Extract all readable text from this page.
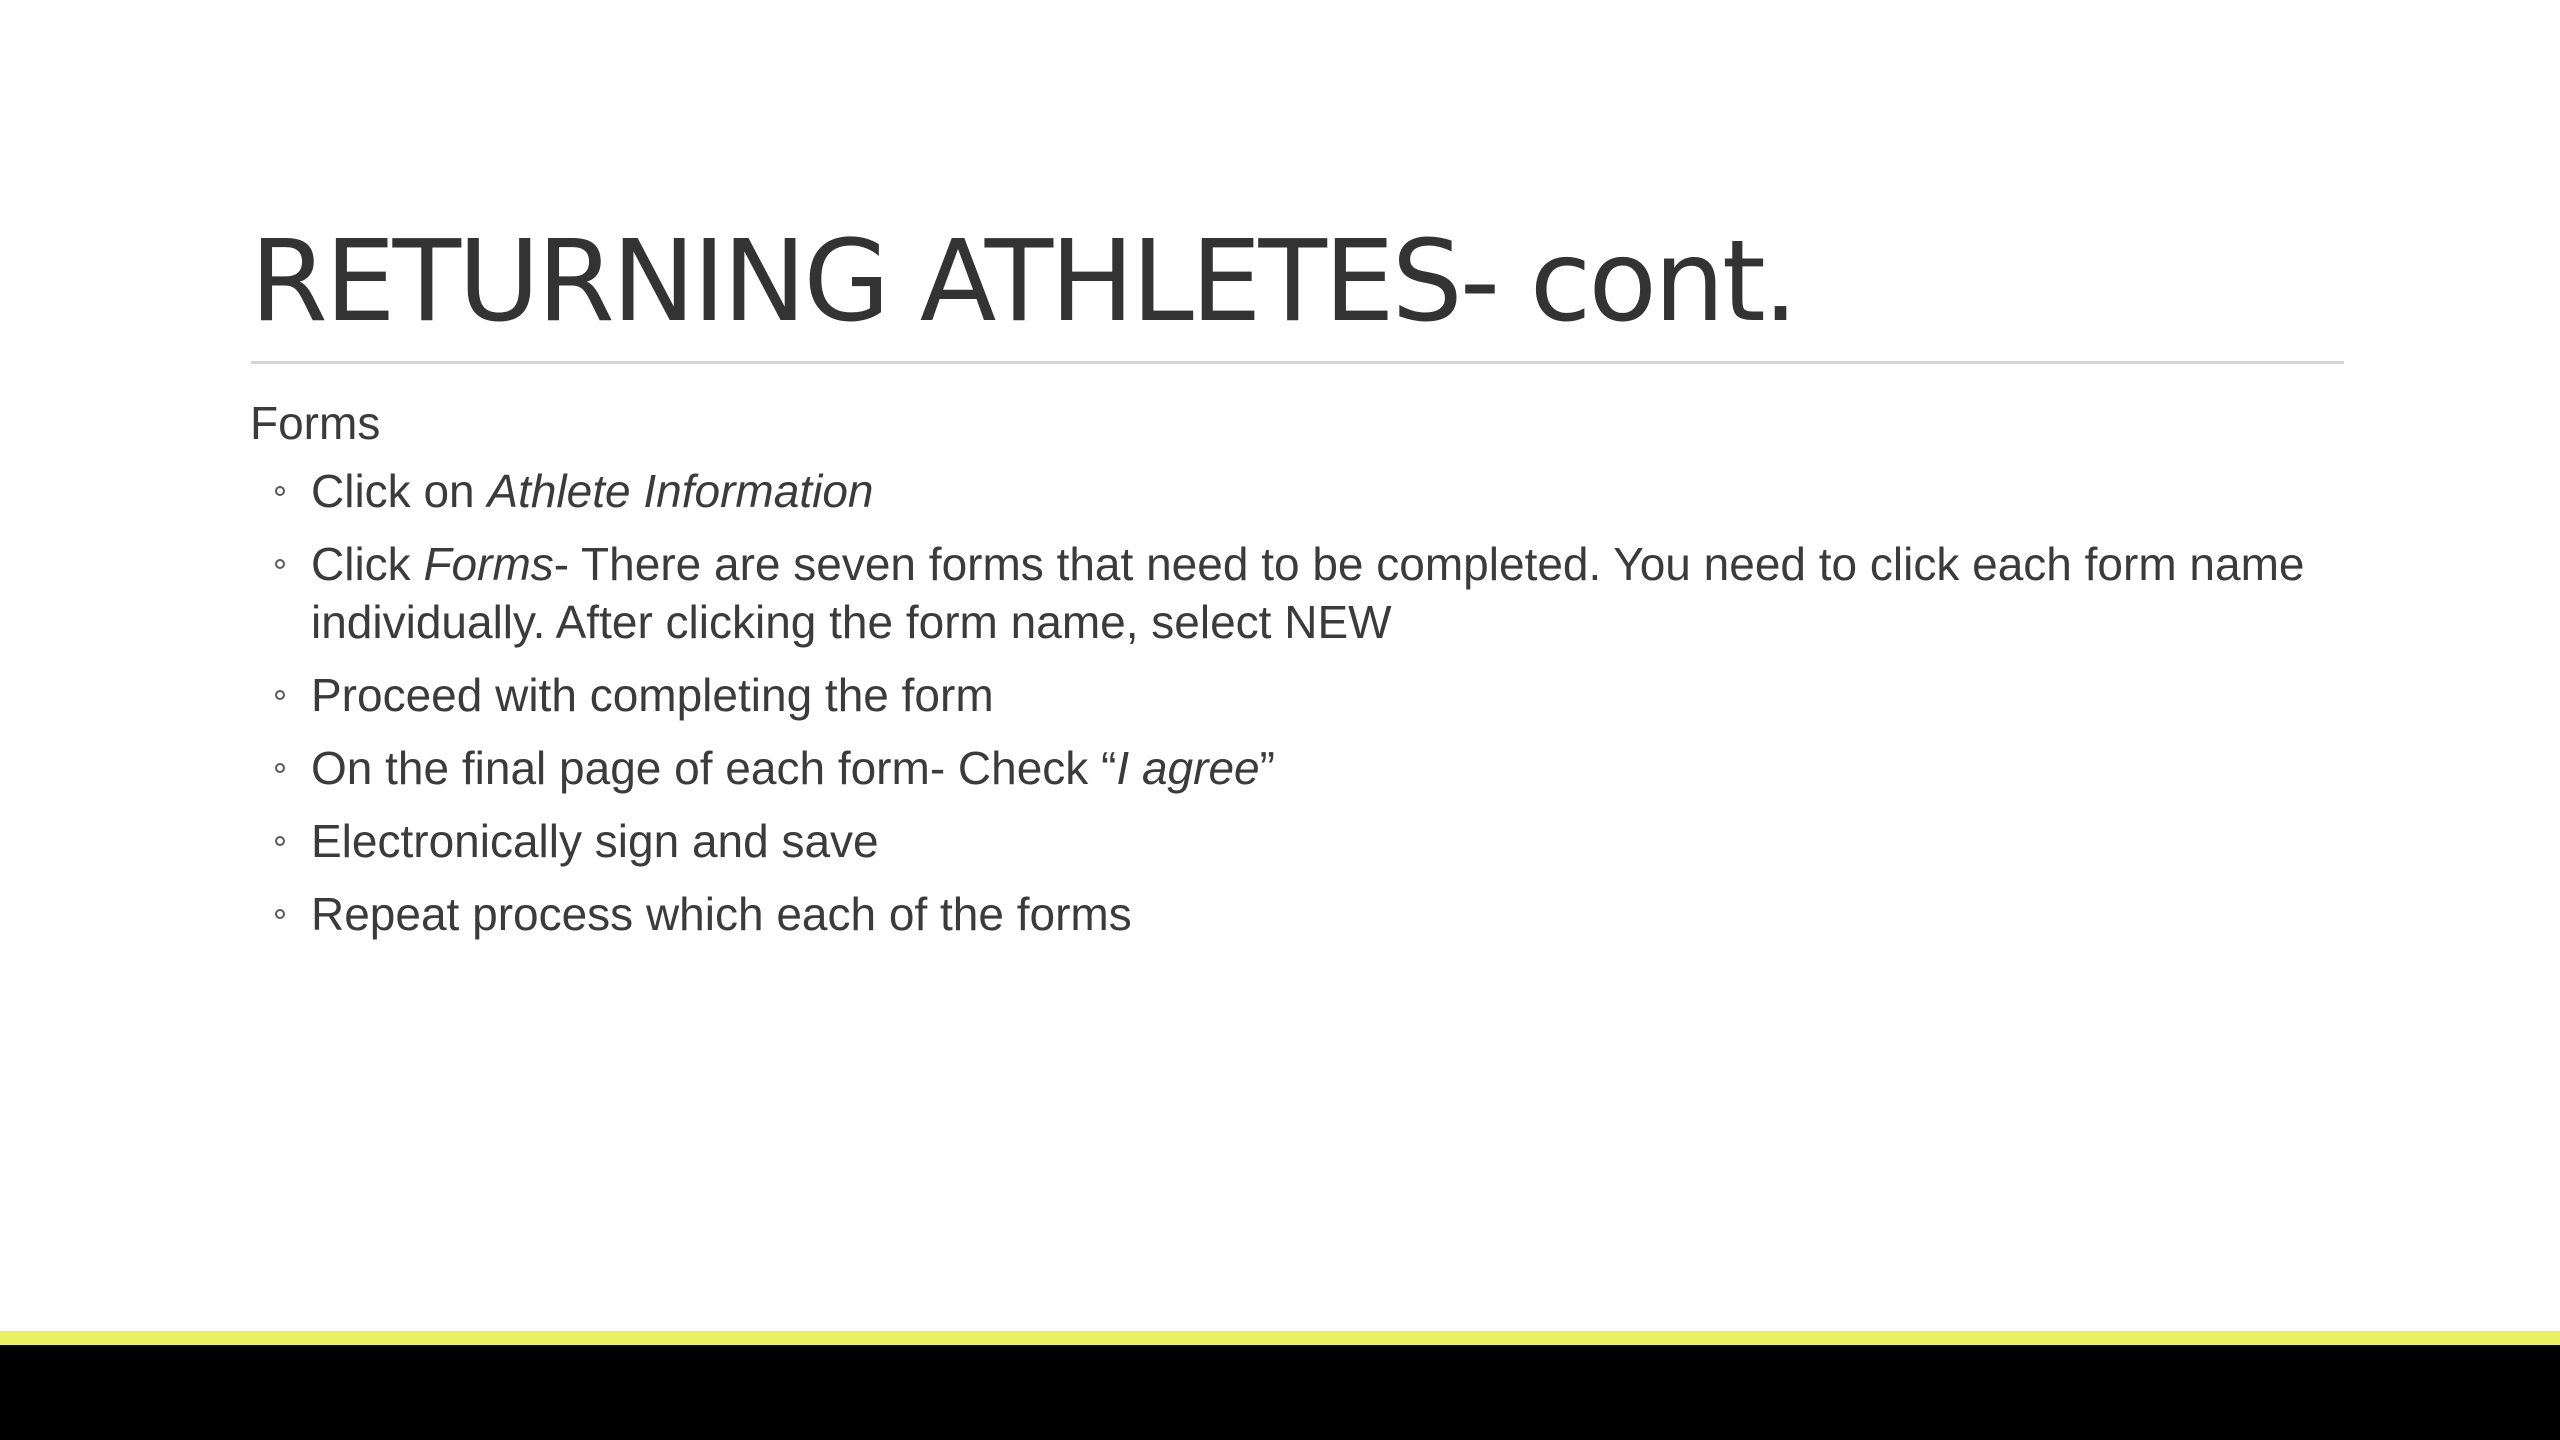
RETURNING ATHLETES- cont.

Forms

Click on Athlete Information
Click Forms- There are seven forms that need to be completed. You need to click each form name individually. After clicking the form name, select NEW
Proceed with completing the form
On the final page of each form- Check “I agree”
Electronically sign and save
Repeat process which each of the forms
